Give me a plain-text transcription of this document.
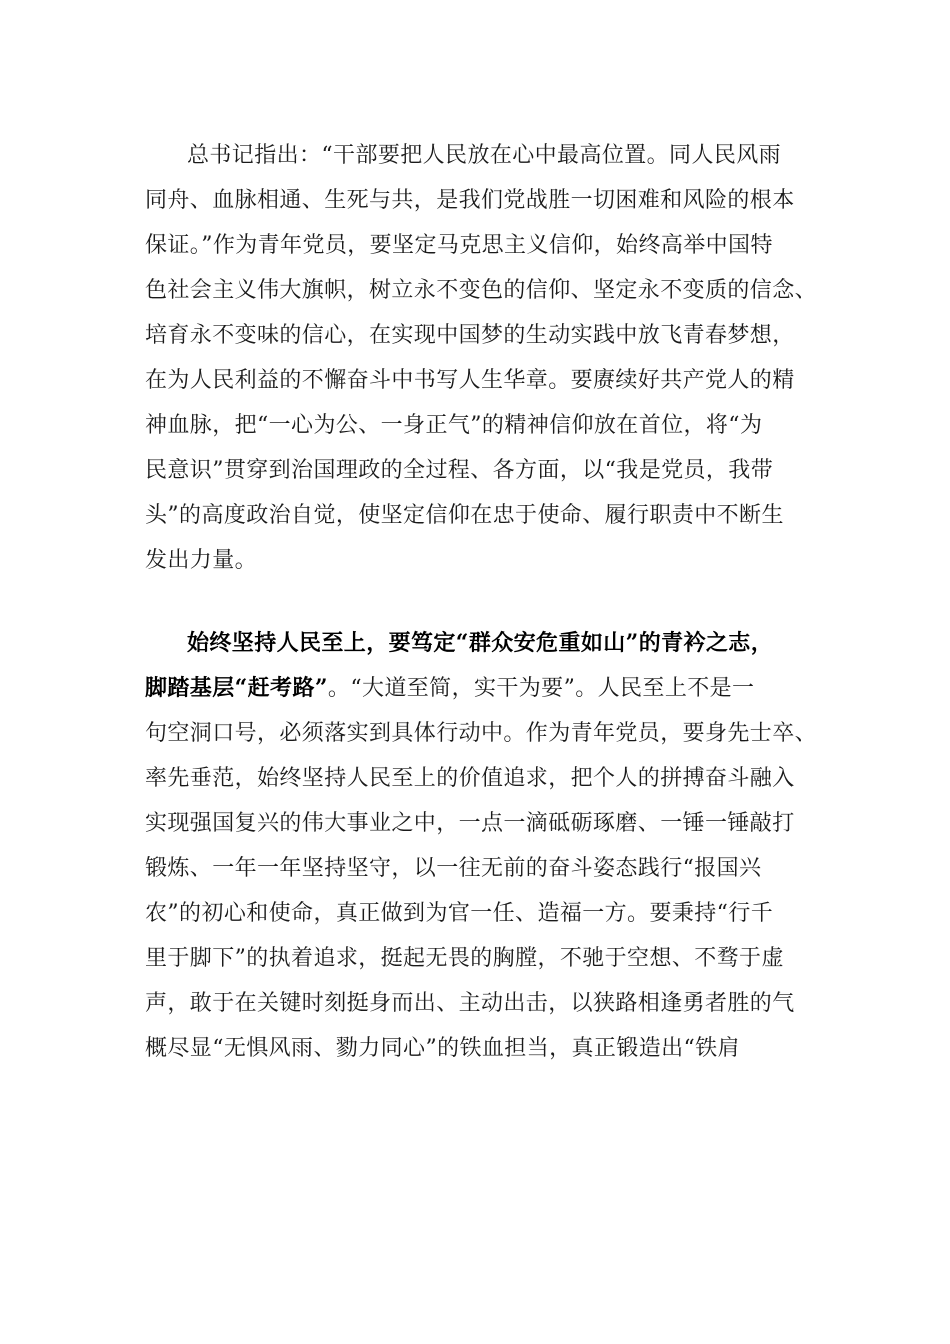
总书记指出：“干部要把人民放在心中最高位置。同人民风雨
同舟、血脉相通、生死与共，是我们党战胜一切困难和风险的根本
保证。”作为青年党员，要坚定马克思主义信仰，始终高举中国特
色社会主义伟大旗帜，树立永不变色的信仰、坚定永不变质的信念、
培育永不变味的信心，在实现中国梦的生动实践中放飞青春梦想，
在为人民利益的不懈奋斗中书写人生华章。要赓续好共产党人的精
神血脉，把“一心为公、一身正气”的精神信仰放在首位，将“为
民意识”贯穿到治国理政的全过程、各方面，以“我是党员，我带
头”的高度政治自觉，使坚定信仰在忠于使命、履行职责中不断生
发出力量。
始终坚持人民至上，要笃定“群众安危重如山”的青衿之志，
脚踏基层“赶考路”。“大道至简，实干为要”。人民至上不是一
句空洞口号，必须落实到具体行动中。作为青年党员，要身先士卒、
率先垂范，始终坚持人民至上的价值追求，把个人的拼搏奋斗融入
实现强国复兴的伟大事业之中，一点一滴砥砺琢磨、一锤一锤敲打
锻炼、一年一年坚持坚守，以一往无前的奋斗姿态践行“报国兴
农”的初心和使命，真正做到为官一任、造福一方。要秉持“行千
里于脚下”的执着追求，挺起无畏的胸膛，不驰于空想、不骛于虚
声，敢于在关键时刻挺身而出、主动出击，以狭路相逢勇者胜的气
概尽显“无惧风雨、勠力同心”的铁血担当，真正锻造出“铁肩
